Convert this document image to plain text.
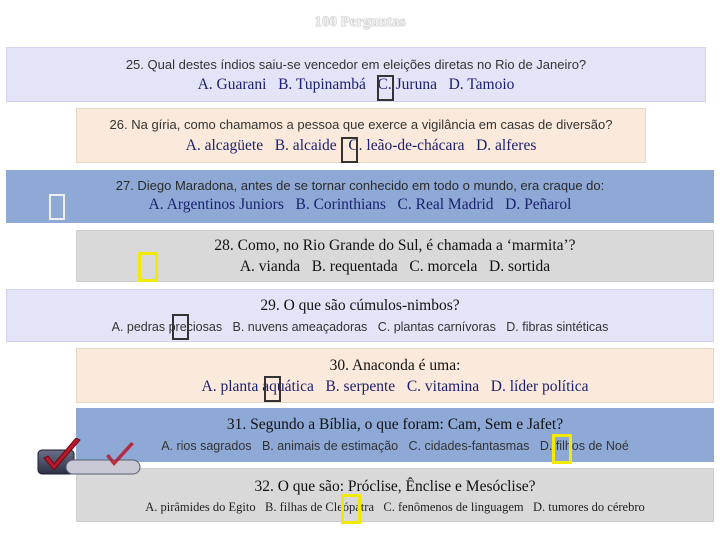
100 Perguntas
25. Qual destes índios saiu-se vencedor em eleições diretas no Rio de Janeiro?
A. Guarani   B. Tupinambá   C. Juruna   D. Tamoio
26. Na gíria, como chamamos a pessoa que exerce a vigilância em casas de diversão?
A. alcagüete   B. alcaide   C. leão-de-chácara   D. alferes
27. Diego Maradona, antes de se tornar conhecido em todo o mundo, era craque do:
A. Argentinos Juniors   B. Corinthians   C. Real Madrid   D. Peñarol
28. Como, no Rio Grande do Sul, é chamada a ‘marmita’?
A. vianda   B. requentada   C. morcela   D. sortida
29. O que são cúmulos-nimbos?
A. pedras preciosas   B. nuvens ameaçadoras   C. plantas carnívoras   D. fibras sintéticas
30. Anaconda é uma:
A. planta aquática   B. serpente   C. vitamina   D. líder política
31. Segundo a Bíblia, o que foram: Cam, Sem e Jafet?
A. rios sagrados   B. animais de estimação   C. cidades-fantasmas   D. filhos de Noé
32. O que são: Próclise, Ênclise e Mesóclise?
A. pirâmides do Egito   B. filhas de Cleópatra   C. fenômenos de linguagem   D. tumores do cérebro
